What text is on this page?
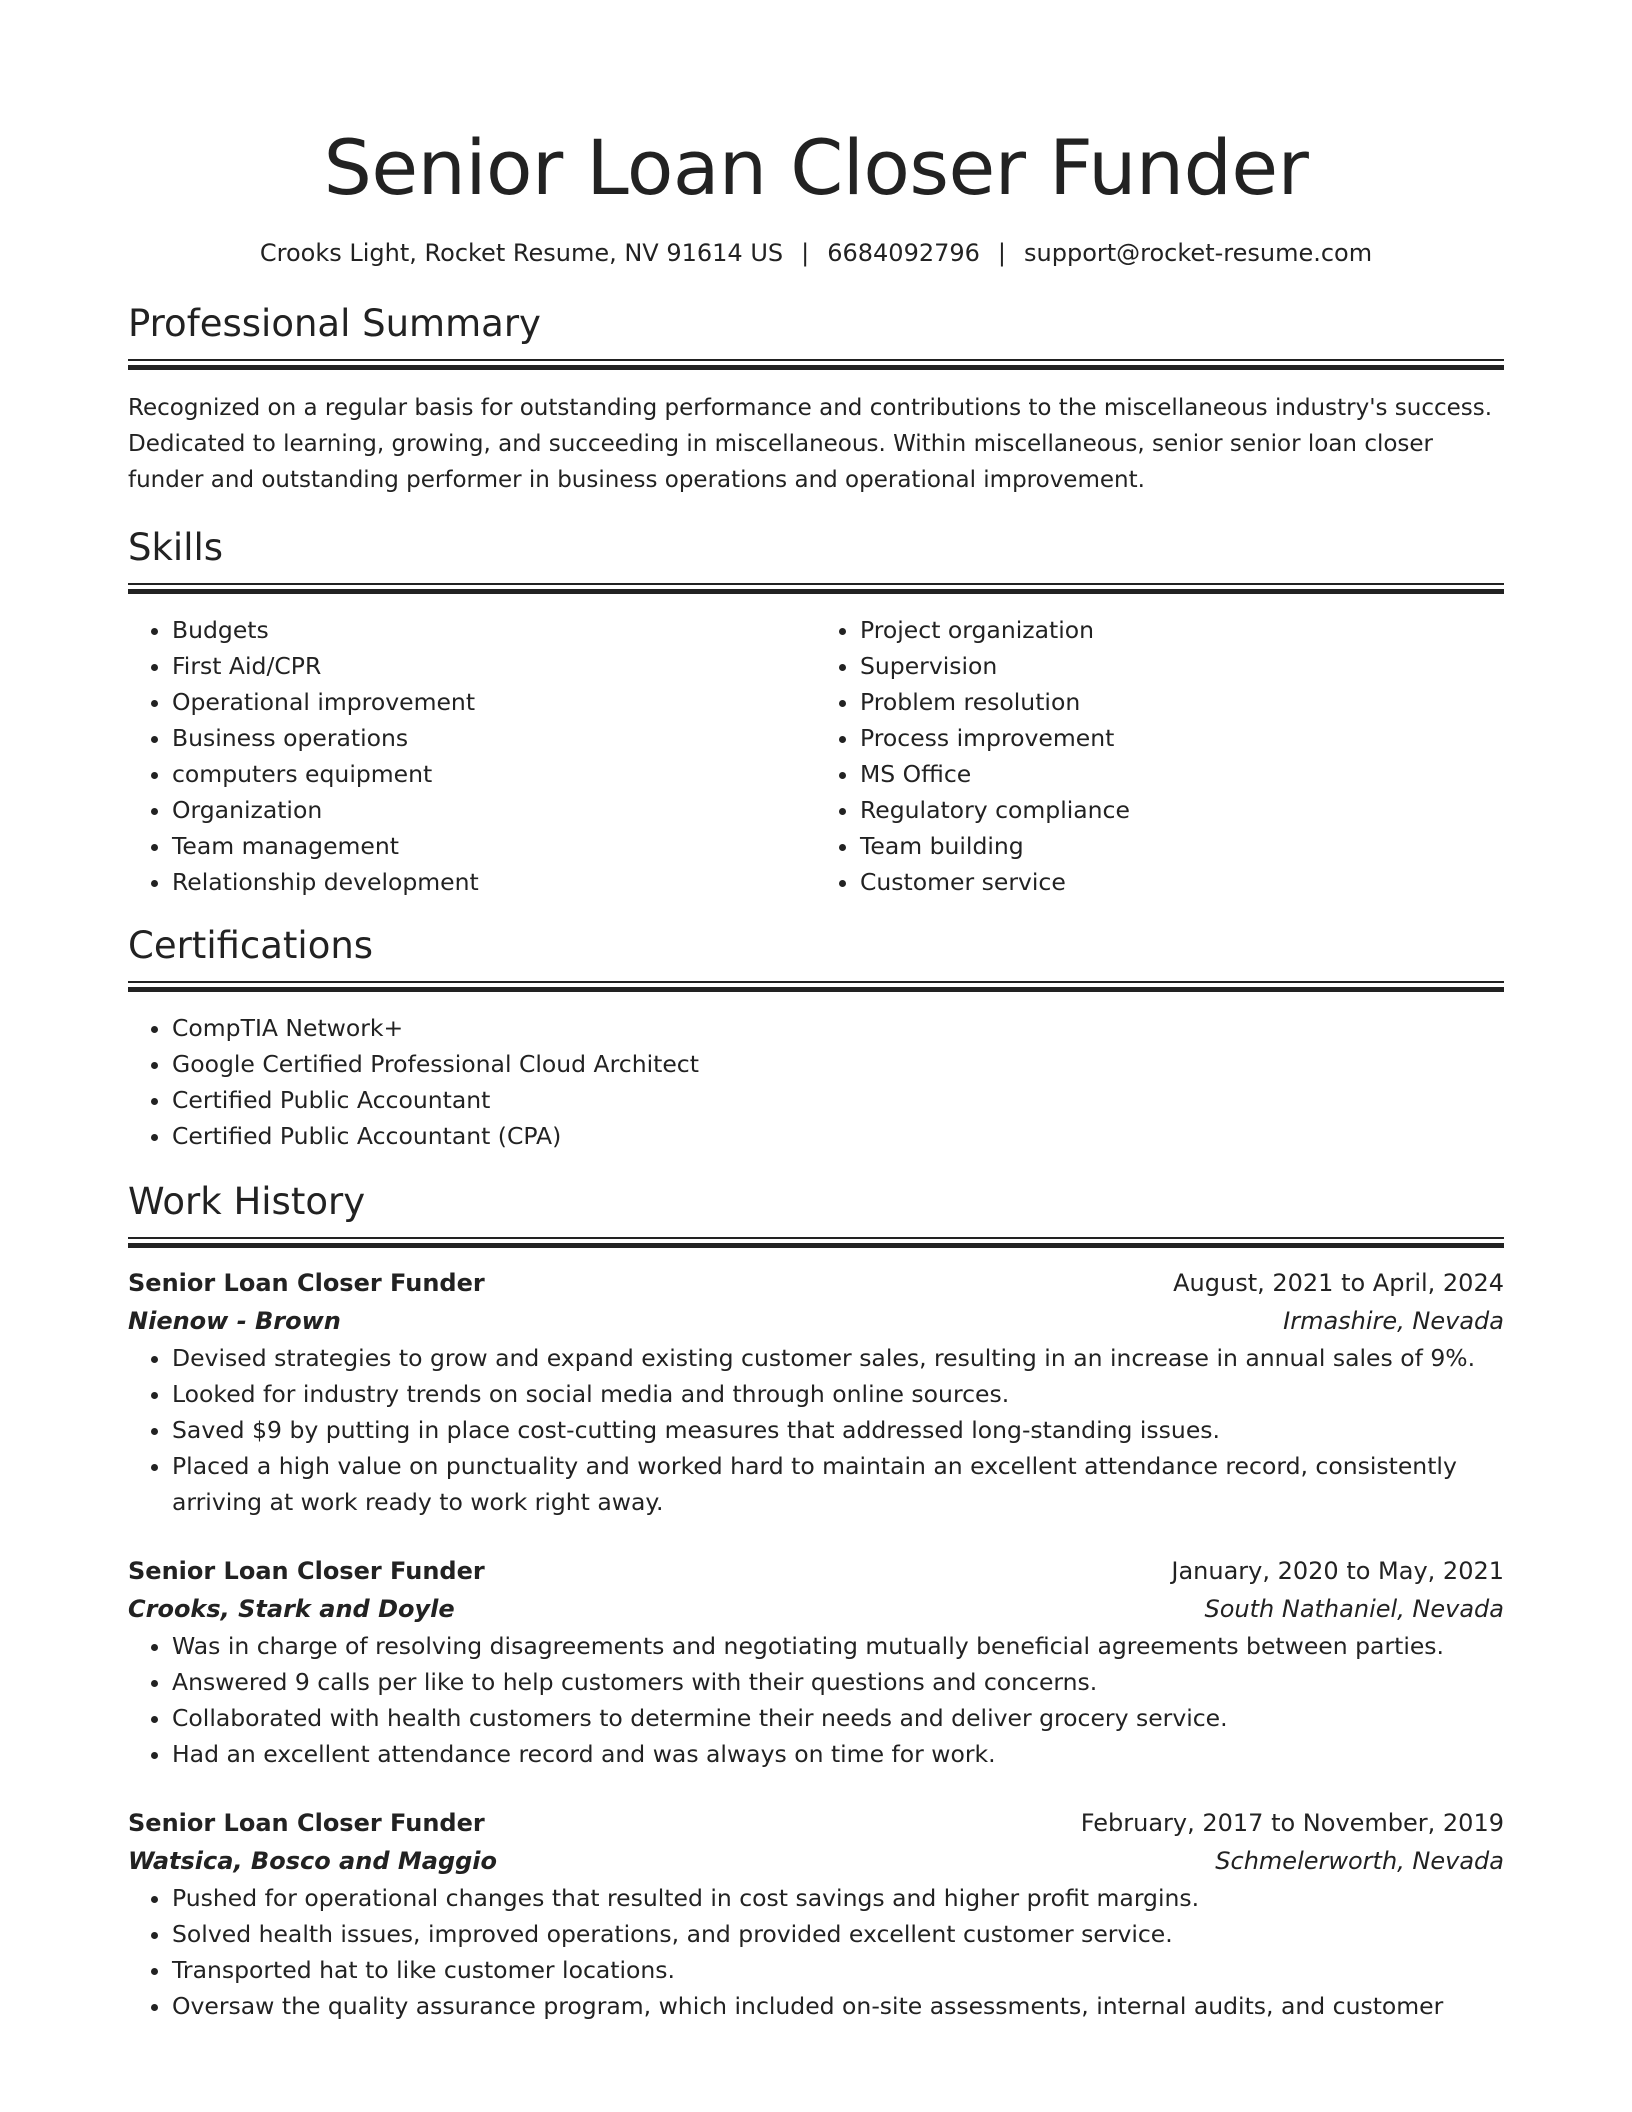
Senior Loan Closer Funder
Crooks Light, Rocket Resume, NV 91614 US | 6684092796 | support@rocket-resume.com
Professional Summary

Recognized on a regular basis for outstanding performance and contributions to the miscellaneous industry's success. Dedicated to learning, growing, and succeeding in miscellaneous. Within miscellaneous, senior senior loan closer funder and outstanding performer in business operations and operational improvement.

Skills
• Budgets
• First Aid/CPR
• Operational improvement
• Business operations
• computers equipment
• Organization
• Team management
• Relationship development
• Project organization
• Supervision
• Problem resolution
• Process improvement
• MS Office
• Regulatory compliance
• Team building
• Customer service
Certifications
• CompTIA Network+
• Google Certified Professional Cloud Architect
• Certified Public Accountant
• Certified Public Accountant (CPA)
Work History
Senior Loan Closer Funder	August, 2021 to April, 2024
Nienow - Brown	Irmashire, Nevada
• Devised strategies to grow and expand existing customer sales, resulting in an increase in annual sales of 9%.
• Looked for industry trends on social media and through online sources.
• Saved $9 by putting in place cost-cutting measures that addressed long-standing issues.
• Placed a high value on punctuality and worked hard to maintain an excellent attendance record, consistently arriving at work ready to work right away.
Senior Loan Closer Funder	January, 2020 to May, 2021
Crooks, Stark and Doyle	South Nathaniel, Nevada
• Was in charge of resolving disagreements and negotiating mutually beneficial agreements between parties.
• Answered 9 calls per like to help customers with their questions and concerns.
• Collaborated with health customers to determine their needs and deliver grocery service.
• Had an excellent attendance record and was always on time for work.
Senior Loan Closer Funder	February, 2017 to November, 2019
Watsica, Bosco and Maggio	Schmelerworth, Nevada
• Pushed for operational changes that resulted in cost savings and higher profit margins.
• Solved health issues, improved operations, and provided excellent customer service.
• Transported hat to like customer locations.
• Oversaw the quality assurance program, which included on-site assessments, internal audits, and customer
